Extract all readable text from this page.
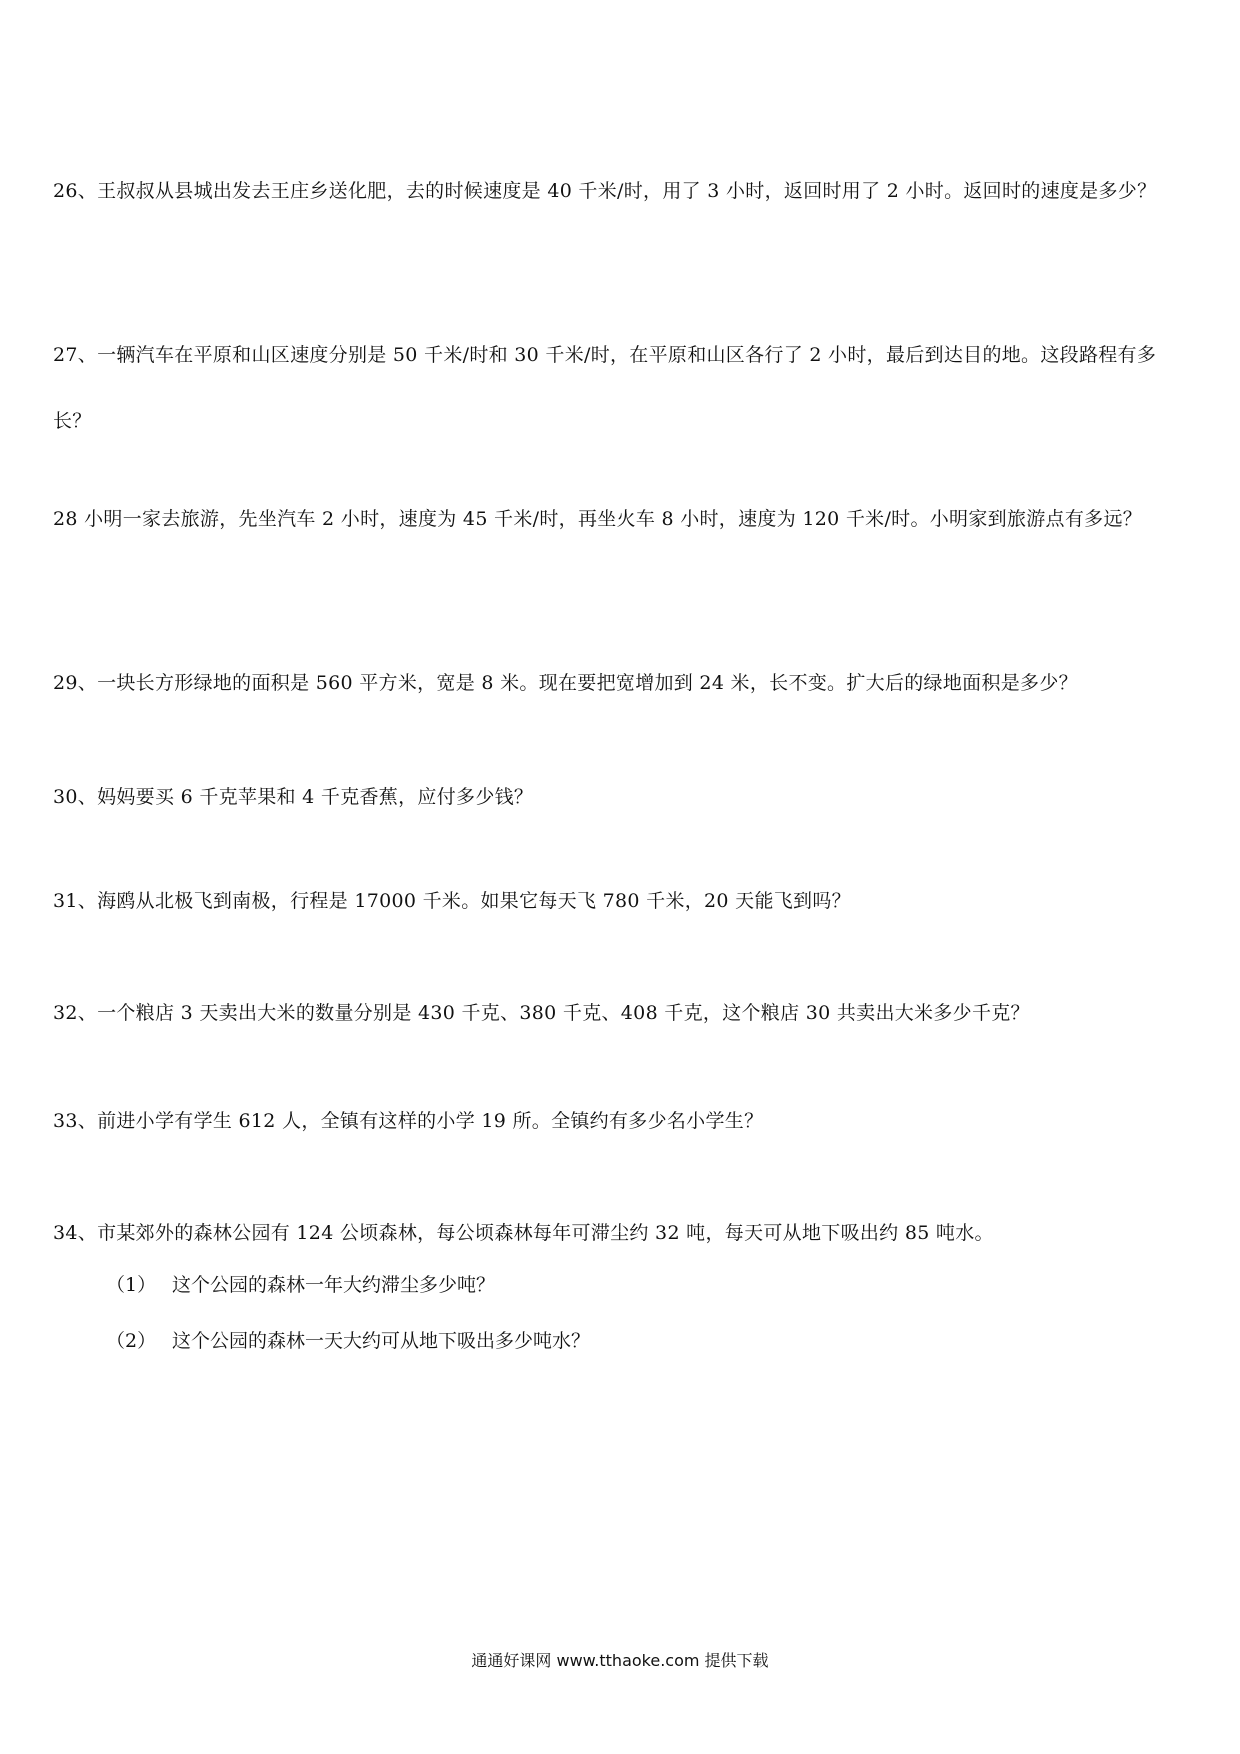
26、王叔叔从县城出发去王庄乡送化肥，去的时候速度是 40 千米/时，用了 3 小时，返回时用了 2 小时。返回时的速度是多少？

27、一辆汽车在平原和山区速度分别是 50 千米/时和 30 千米/时，在平原和山区各行了 2 小时，最后到达目的地。这段路程有多长？

28 小明一家去旅游，先坐汽车 2 小时，速度为 45 千米/时，再坐火车 8 小时，速度为 120 千米/时。小明家到旅游点有多远？

29、一块长方形绿地的面积是 560 平方米，宽是 8 米。现在要把宽增加到 24 米，长不变。扩大后的绿地面积是多少？

30、妈妈要买 6 千克苹果和 4 千克香蕉，应付多少钱？

31、海鸥从北极飞到南极，行程是 17000 千米。如果它每天飞 780 千米，20 天能飞到吗？

32、一个粮店 3 天卖出大米的数量分别是 430 千克、380 千克、408 千克，这个粮店 30 共卖出大米多少千克？

33、前进小学有学生 612 人，全镇有这样的小学 19 所。全镇约有多少名小学生？

34、市某郊外的森林公园有 124 公顷森林，每公顷森林每年可滞尘约 32 吨，每天可从地下吸出约 85 吨水。

（1） 这个公园的森林一年大约滞尘多少吨？

（2） 这个公园的森林一天大约可从地下吸出多少吨水？

通通好课网 www.tthaoke.com 提供下载
